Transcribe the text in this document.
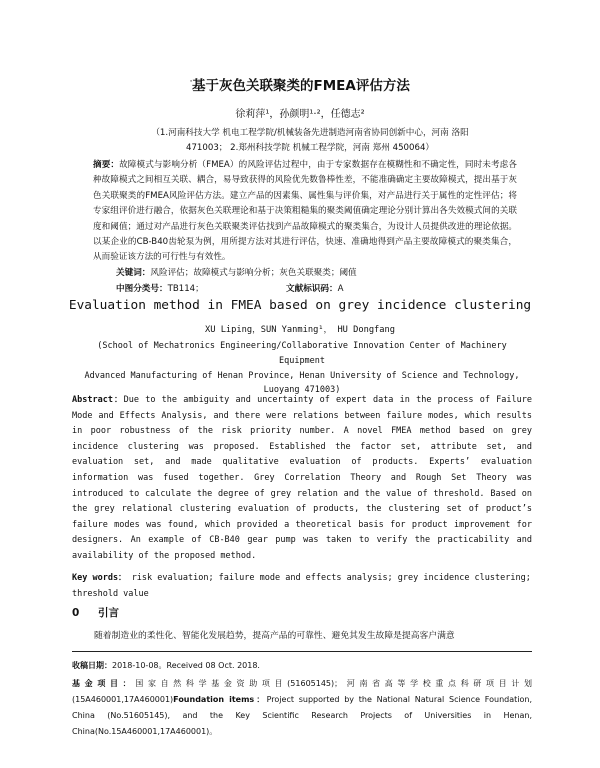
'基于灰色关联聚类的FMEA评估方法
徐莉萍¹，孙颜明¹·²，任德志²
（1.河南科技大学 机电工程学院/机械装备先进制造河南省协同创新中心，河南 洛阳
471003； 2.郑州科技学院 机械工程学院，河南 郑州 450064）
摘要：故障模式与影响分析（FMEA）的风险评估过程中，由于专家数据存在模糊性和不确定性，同时未考虑各种故障模式之间相互关联、耦合，易导致获得的风险优先数鲁棒性差，不能准确确定主要故障模式，提出基于灰色关联聚类的FMEA风险评估方法。建立产品的因素集、属性集与评价集，对产品进行关于属性的定性评估；将专家组评价进行融合，依据灰色关联理论和基于决策粗糙集的聚类阈值确定理论分别计算出各失效模式间的关联度和阈值；通过对产品进行灰色关联聚类评估找到产品故障模式的聚类集合，为设计人员提供改进的理论依据。以某企业的CB-B40齿轮泵为例，用所提方法对其进行评估，快速、准确地得到产品主要故障模式的聚类集合，从而验证该方法的可行性与有效性。
关键词：风险评估；故障模式与影响分析；灰色关联聚类；阈值
中图分类号：TB114；	文献标识码：A
Evaluation method in FMEA based on grey incidence clustering
XU Liping，SUN Yanming¹， HU Dongfang
(School of Mechatronics Engineering/Collaborative Innovation Center of Machinery Equipment
Advanced Manufacturing of Henan Province, Henan University of Science and Technology,
Luoyang 471003)
Abstract：Due to the ambiguity and uncertainty of expert data in the process of Failure Mode and Effects Analysis, and there were relations between failure modes, which results in poor robustness of the risk priority number. A novel FMEA method based on grey incidence clustering was proposed. Established the factor set, attribute set, and evaluation set, and made qualitative evaluation of products. Experts’ evaluation information was fused together. Grey Correlation Theory and Rough Set Theory was introduced to calculate the degree of grey relation and the value of threshold. Based on the grey relational clustering evaluation of products, the clustering set of product’s failure modes was found, which provided a theoretical basis for product improvement for designers. An example of CB-B40 gear pump was taken to verify the practicability and availability of the proposed method.
Key words： risk evaluation; failure mode and effects analysis; grey incidence clustering; threshold value
0 引言
随着制造业的柔性化、智能化发展趋势，提高产品的可靠性、避免其发生故障是提高客户满意
收稿日期：2018-10-08。Received 08 Oct. 2018.
基金项目：国家自然科学基金资助项目(51605145)；河南省高等学校重点科研项目计划(15A460001,17A460001)Foundation items：Project supported by the National Natural Science Foundation, China (No.51605145), and the Key Scientific Research Projects of Universities in Henan, China(No.15A460001,17A460001)。
